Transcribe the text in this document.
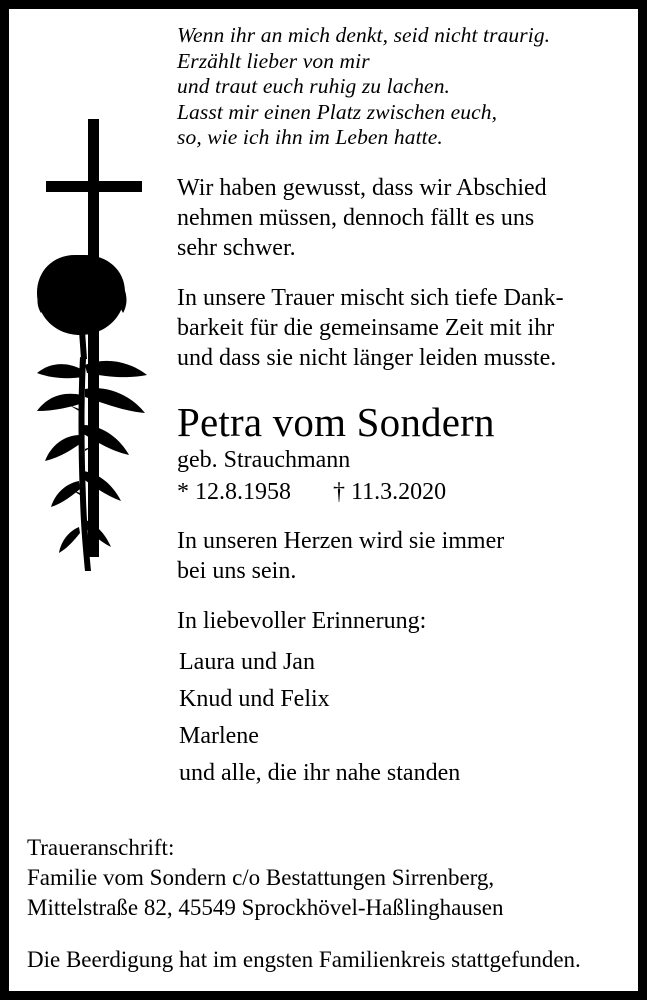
Wenn ihr an mich denkt, seid nicht traurig.
Erzählt lieber von mir
und traut euch ruhig zu lachen.
Lasst mir einen Platz zwischen euch,
so, wie ich ihn im Leben hatte.
Wir haben gewusst, dass wir Abschied
nehmen müssen, dennoch fällt es uns
sehr schwer.
In unsere Trauer mischt sich tiefe Dank-
barkeit für die gemeinsame Zeit mit ihr
und dass sie nicht länger leiden musste.
Petra vom Sondern
geb. Strauchmann
* 12.8.1958 † 11.3.2020
In unseren Herzen wird sie immer
bei uns sein.
In liebevoller Erinnerung:
Laura und Jan
Knud und Felix
Marlene
und alle, die ihr nahe standen
Traueranschrift:
Familie vom Sondern c/o Bestattungen Sirrenberg,
Mittelstraße 82, 45549 Sprockhövel-Haßlinghausen
Die Beerdigung hat im engsten Familienkreis stattgefunden.
